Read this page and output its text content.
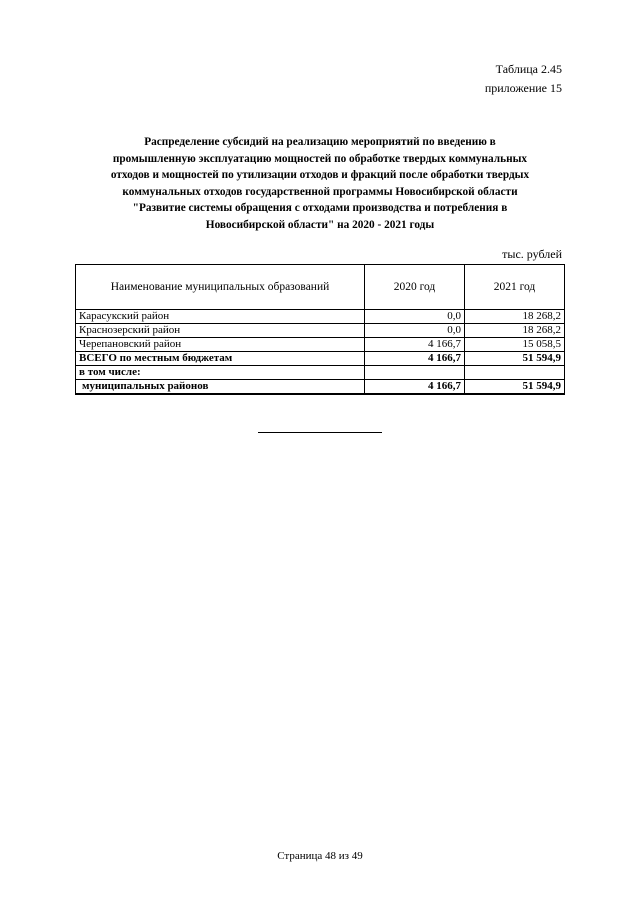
Таблица 2.45
приложение 15
Распределение субсидий на реализацию мероприятий по введению в
промышленную эксплуатацию мощностей по обработке твердых коммунальных
отходов и мощностей по утилизации отходов и фракций после обработки твердых
коммунальных отходов государственной программы Новосибирской области
"Развитие системы обращения с отходами производства и потребления в
Новосибирской области" на 2020 - 2021 годы
тыс. рублей
Наименование муниципальных образований	2020 год	2021 год
Карасукский район	0,0	18 268,2
Краснозерский район	0,0	18 268,2
Черепановский район	4 166,7	15 058,5
ВСЕГО по местным бюджетам	4 166,7	51 594,9
в том числе:		
муниципальных районов	4 166,7	51 594,9
Страница 48 из 49
